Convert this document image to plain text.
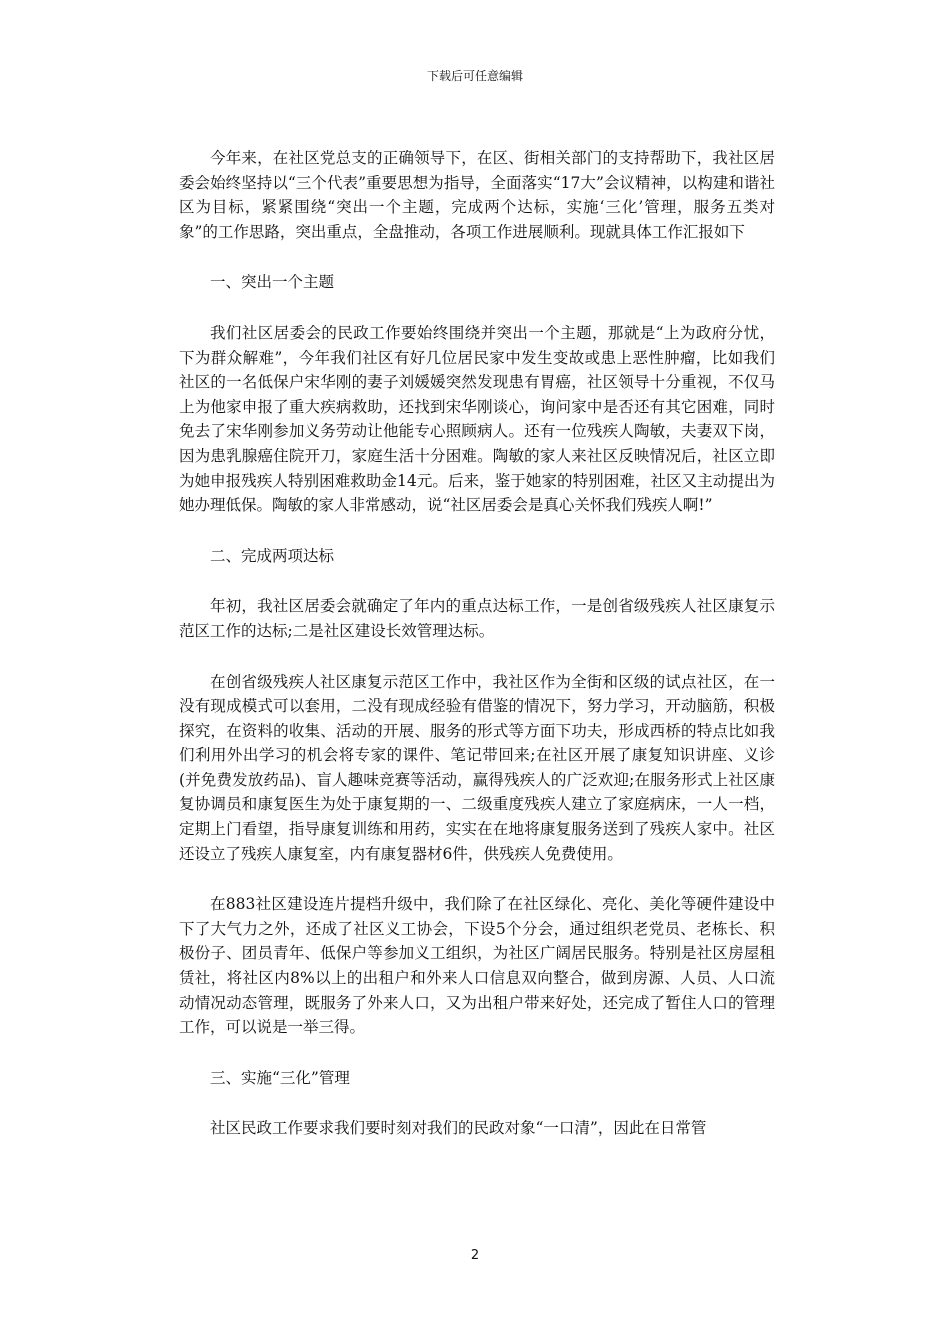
下载后可任意编辑

今年来，在社区党总支的正确领导下，在区、街相关部门的支持帮助下，我社区居委会始终坚持以“三个代表”重要思想为指导，全面落实“17大”会议精神，以构建和谐社区为目标，紧紧围绕“突出一个主题，完成两个达标，实施‘三化’管理，服务五类对象”的工作思路，突出重点，全盘推动，各项工作进展顺利。现就具体工作汇报如下

一、突出一个主题

我们社区居委会的民政工作要始终围绕并突出一个主题，那就是“上为政府分忧，下为群众解难”，今年我们社区有好几位居民家中发生变故或患上恶性肿瘤，比如我们社区的一名低保户宋华刚的妻子刘媛媛突然发现患有胃癌，社区领导十分重视，不仅马上为他家申报了重大疾病救助，还找到宋华刚谈心，询问家中是否还有其它困难，同时免去了宋华刚参加义务劳动让他能专心照顾病人。还有一位残疾人陶敏，夫妻双下岗，因为患乳腺癌住院开刀，家庭生活十分困难。陶敏的家人来社区反映情况后，社区立即为她申报残疾人特别困难救助金14元。后来，鉴于她家的特别困难，社区又主动提出为她办理低保。陶敏的家人非常感动，说“社区居委会是真心关怀我们残疾人啊!”

二、完成两项达标

年初，我社区居委会就确定了年内的重点达标工作，一是创省级残疾人社区康复示范区工作的达标;二是社区建设长效管理达标。

在创省级残疾人社区康复示范区工作中，我社区作为全街和区级的试点社区，在一没有现成模式可以套用，二没有现成经验有借鉴的情况下，努力学习，开动脑筋，积极探究，在资料的收集、活动的开展、服务的形式等方面下功夫，形成西桥的特点比如我们利用外出学习的机会将专家的课件、笔记带回来;在社区开展了康复知识讲座、义诊(并免费发放药品)、盲人趣味竞赛等活动，赢得残疾人的广泛欢迎;在服务形式上社区康复协调员和康复医生为处于康复期的一、二级重度残疾人建立了家庭病床，一人一档，定期上门看望，指导康复训练和用药，实实在在地将康复服务送到了残疾人家中。社区还设立了残疾人康复室，内有康复器材6件，供残疾人免费使用。

在883社区建设连片提档升级中，我们除了在社区绿化、亮化、美化等硬件建设中下了大气力之外，还成了社区义工协会，下设5个分会，通过组织老党员、老栋长、积极份子、团员青年、低保户等参加义工组织，为社区广阔居民服务。特别是社区房屋租赁社，将社区内8%以上的出租户和外来人口信息双向整合，做到房源、人员、人口流动情况动态管理，既服务了外来人口，又为出租户带来好处，还完成了暂住人口的管理工作，可以说是一举三得。

三、实施“三化”管理

社区民政工作要求我们要时刻对我们的民政对象“一口清”，因此在日常管

2
